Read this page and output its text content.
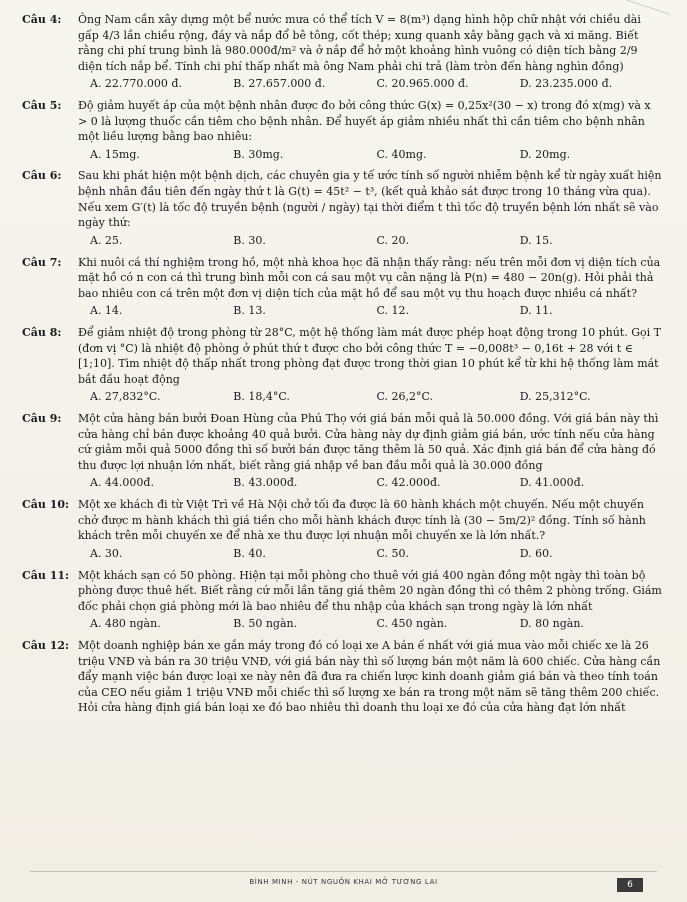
Câu 4:	Ông Nam cần xây dựng một bể nước mưa có thể tích V = 8(m³) dạng hình hộp chữ nhật với chiều dài gấp 4/3 lần chiều rộng, đáy và nắp đổ bê tông, cốt thép; xung quanh xây bằng gạch và xi măng. Biết rằng chi phí trung bình là 980.000đ/m² và ở nắp để hở một khoảng hình vuông có diện tích bằng 2/9 diện tích nắp bể. Tính chi phí thấp nhất mà ông Nam phải chi trả (làm tròn đến hàng nghìn đồng)
A. 22.770.000 đ.	B. 27.657.000 đ.	C. 20.965.000 đ.	D. 23.235.000 đ.
Câu 5:	Độ giảm huyết áp của một bệnh nhân được đo bởi công thức G(x) = 0,25x²(30 − x) trong đó x(mg) và x > 0 là lượng thuốc cần tiêm cho bệnh nhân. Để huyết áp giảm nhiều nhất thì cần tiêm cho bệnh nhân một liều lượng bằng bao nhiêu:
A. 15mg.	B. 30mg.	C. 40mg.	D. 20mg.
Câu 6:	Sau khi phát hiện một bệnh dịch, các chuyên gia y tế ước tính số người nhiễm bệnh kể từ ngày xuất hiện bệnh nhân đầu tiên đến ngày thứ t là G(t) = 45t² − t³, (kết quả khảo sát được trong 10 tháng vừa qua). Nếu xem G′(t) là tốc độ truyền bệnh (người / ngày) tại thời điểm t thì tốc độ truyền bệnh lớn nhất sẽ vào ngày thứ:
A. 25.	B. 30.	C. 20.	D. 15.
Câu 7:	Khi nuôi cá thí nghiệm trong hồ, một nhà khoa học đã nhận thấy rằng: nếu trên mỗi đơn vị diện tích của mặt hồ có n con cá thì trung bình mỗi con cá sau một vụ cân nặng là P(n) = 480 − 20n(g). Hỏi phải thả bao nhiêu con cá trên một đơn vị diện tích của mặt hồ để sau một vụ thu hoạch được nhiều cá nhất?
A. 14.	B. 13.	C. 12.	D. 11.
Câu 8:	Để giảm nhiệt độ trong phòng từ 28°C, một hệ thống làm mát được phép hoạt động trong 10 phút. Gọi T (đơn vị °C) là nhiệt độ phòng ở phút thứ t được cho bởi công thức T = −0,008t³ − 0,16t + 28 với t ∈ [1;10]. Tìm nhiệt độ thấp nhất trong phòng đạt được trong thời gian 10 phút kể từ khi hệ thống làm mát bắt đầu hoạt động
A. 27,832°C.	B. 18,4°C.	C. 26,2°C.	D. 25,312°C.
Câu 9:	Một cửa hàng bán bưởi Đoan Hùng của Phú Thọ với giá bán mỗi quả là 50.000 đồng. Với giá bán này thì cửa hàng chỉ bán được khoảng 40 quả bưởi. Cửa hàng này dự định giảm giá bán, ước tính nếu cửa hàng cứ giảm mỗi quả 5000 đồng thì số bưởi bán được tăng thêm là 50 quả. Xác định giá bán để cửa hàng đó thu được lợi nhuận lớn nhất, biết rằng giá nhập về ban đầu mỗi quả là 30.000 đồng
A. 44.000đ.	B. 43.000đ.	C. 42.000đ.	D. 41.000đ.
Câu 10: Một xe khách đi từ Việt Trì về Hà Nội chở tối đa được là 60 hành khách một chuyến. Nếu một chuyến chở được m hành khách thì giá tiền cho mỗi hành khách được tính là (30 − 5m/2)² đồng. Tính số hành khách trên mỗi chuyến xe để nhà xe thu được lợi nhuận mỗi chuyến xe là lớn nhất.?
A. 30.	B. 40.	C. 50.	D. 60.
Câu 11: Một khách sạn có 50 phòng. Hiện tại mỗi phòng cho thuê với giá 400 ngàn đồng một ngày thì toàn bộ phòng được thuê hết. Biết rằng cứ mỗi lần tăng giá thêm 20 ngàn đồng thì có thêm 2 phòng trống. Giám đốc phải chọn giá phòng mới là bao nhiêu để thu nhập của khách sạn trong ngày là lớn nhất
A. 480 ngàn.	B. 50 ngàn.	C. 450 ngàn.	D. 80 ngàn.
Câu 12: Một doanh nghiệp bán xe gắn máy trong đó có loại xe A bán ế nhất với giá mua vào mỗi chiếc xe là 26 triệu VNĐ và bán ra 30 triệu VNĐ, với giá bán này thì số lượng bán một năm là 600 chiếc. Cửa hàng cần đẩy mạnh việc bán được loại xe này nên đã đưa ra chiến lược kinh doanh giảm giá bán và theo tính toán của CEO nếu giảm 1 triệu VNĐ mỗi chiếc thì số lượng xe bán ra trong một năm sẽ tăng thêm 200 chiếc. Hỏi cửa hàng định giá bán loại xe đó bao nhiêu thì doanh thu loại xe đó của cửa hàng đạt lớn nhất
BÌNH MINH - NÚT NGUỒN KHAI MỞ TƯƠNG LAI	6
